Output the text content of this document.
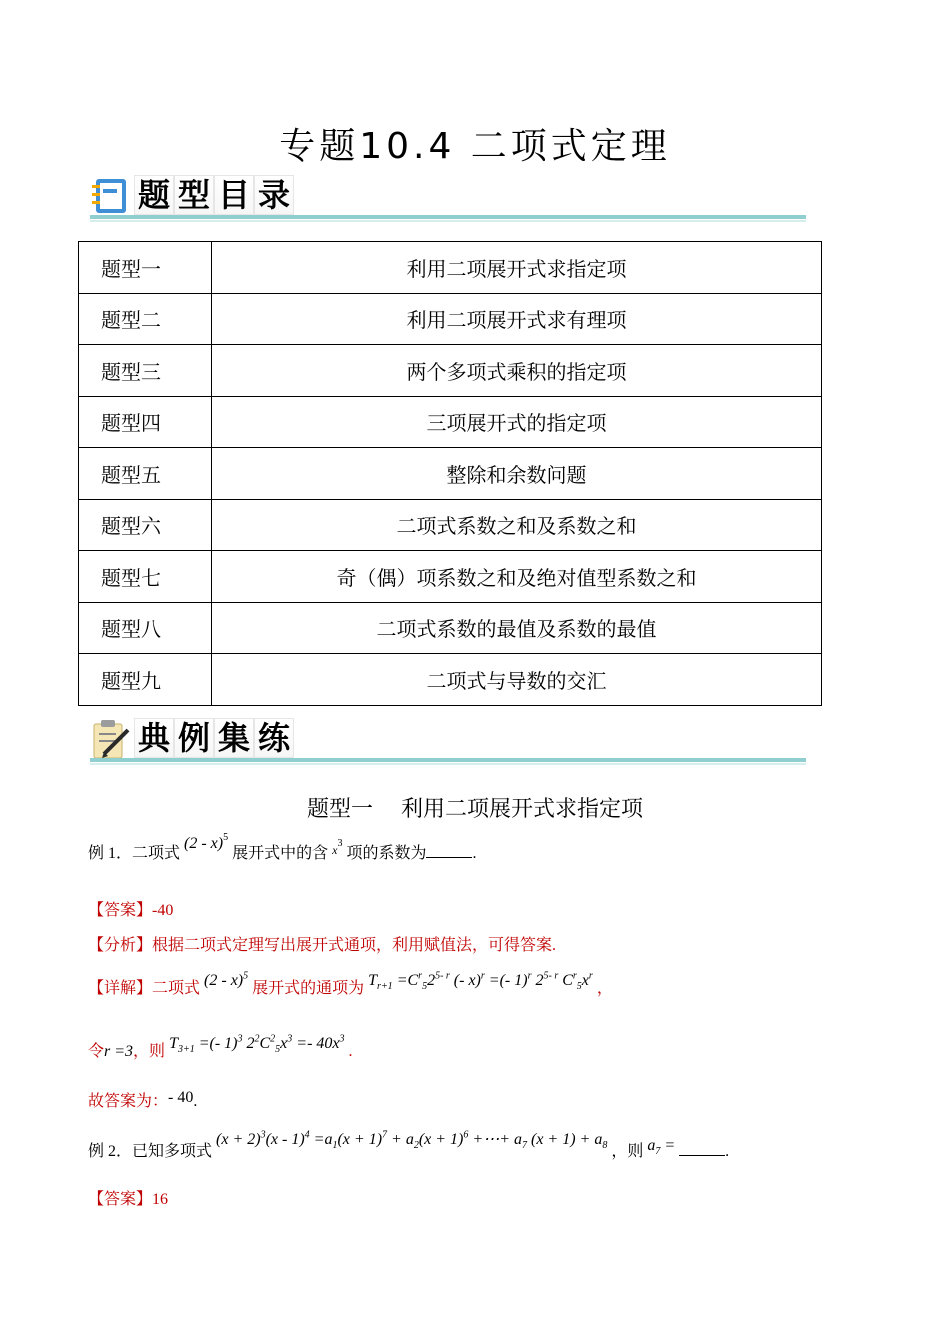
专题10.4 二项式定理
题 型 目 录
题型一	利用二项展开式求指定项
题型二	利用二项展开式求有理项
题型三	两个多项式乘积的指定项
题型四	三项展开式的指定项
题型五	整除和余数问题
题型六	二项式系数之和及系数之和
题型七	奇（偶）项系数之和及绝对值型系数之和
题型八	二项式系数的最值及系数的最值
题型九	二项式与导数的交汇
典 例 集 练
题型一    利用二项展开式求指定项
例 1．二项式 (2 - x)$^5$ 展开式中的含 $^{x3}$ 项的系数为	.
【答案】-40
【分析】根据二项式定理写出展开式通项，利用赋值法，可得答案.
【详解】二项式 (2 - x)$^5$ 展开式的通项为 $T_{r+1} =C^r_52^{5- r}$ (- x)$^r$ =(- 1)$^r$ 2$^{5- r}$ $C^r_5x^r$ ，
令r =3，则 $T_{3+1}$ =(- 1)$^3$ $2^2C^2_5x^3 =- 40x^3$ .
故答案为：- 40.
例 2．已知多项式 $(x + 2)^3(x - 1)^4 =a_1(x + 1)^7 + a_2(x + 1)^6$ +⋯+ $a_7$ $(x + 1) + a_8$ ，则 $a_7$ =	.
【答案】16
